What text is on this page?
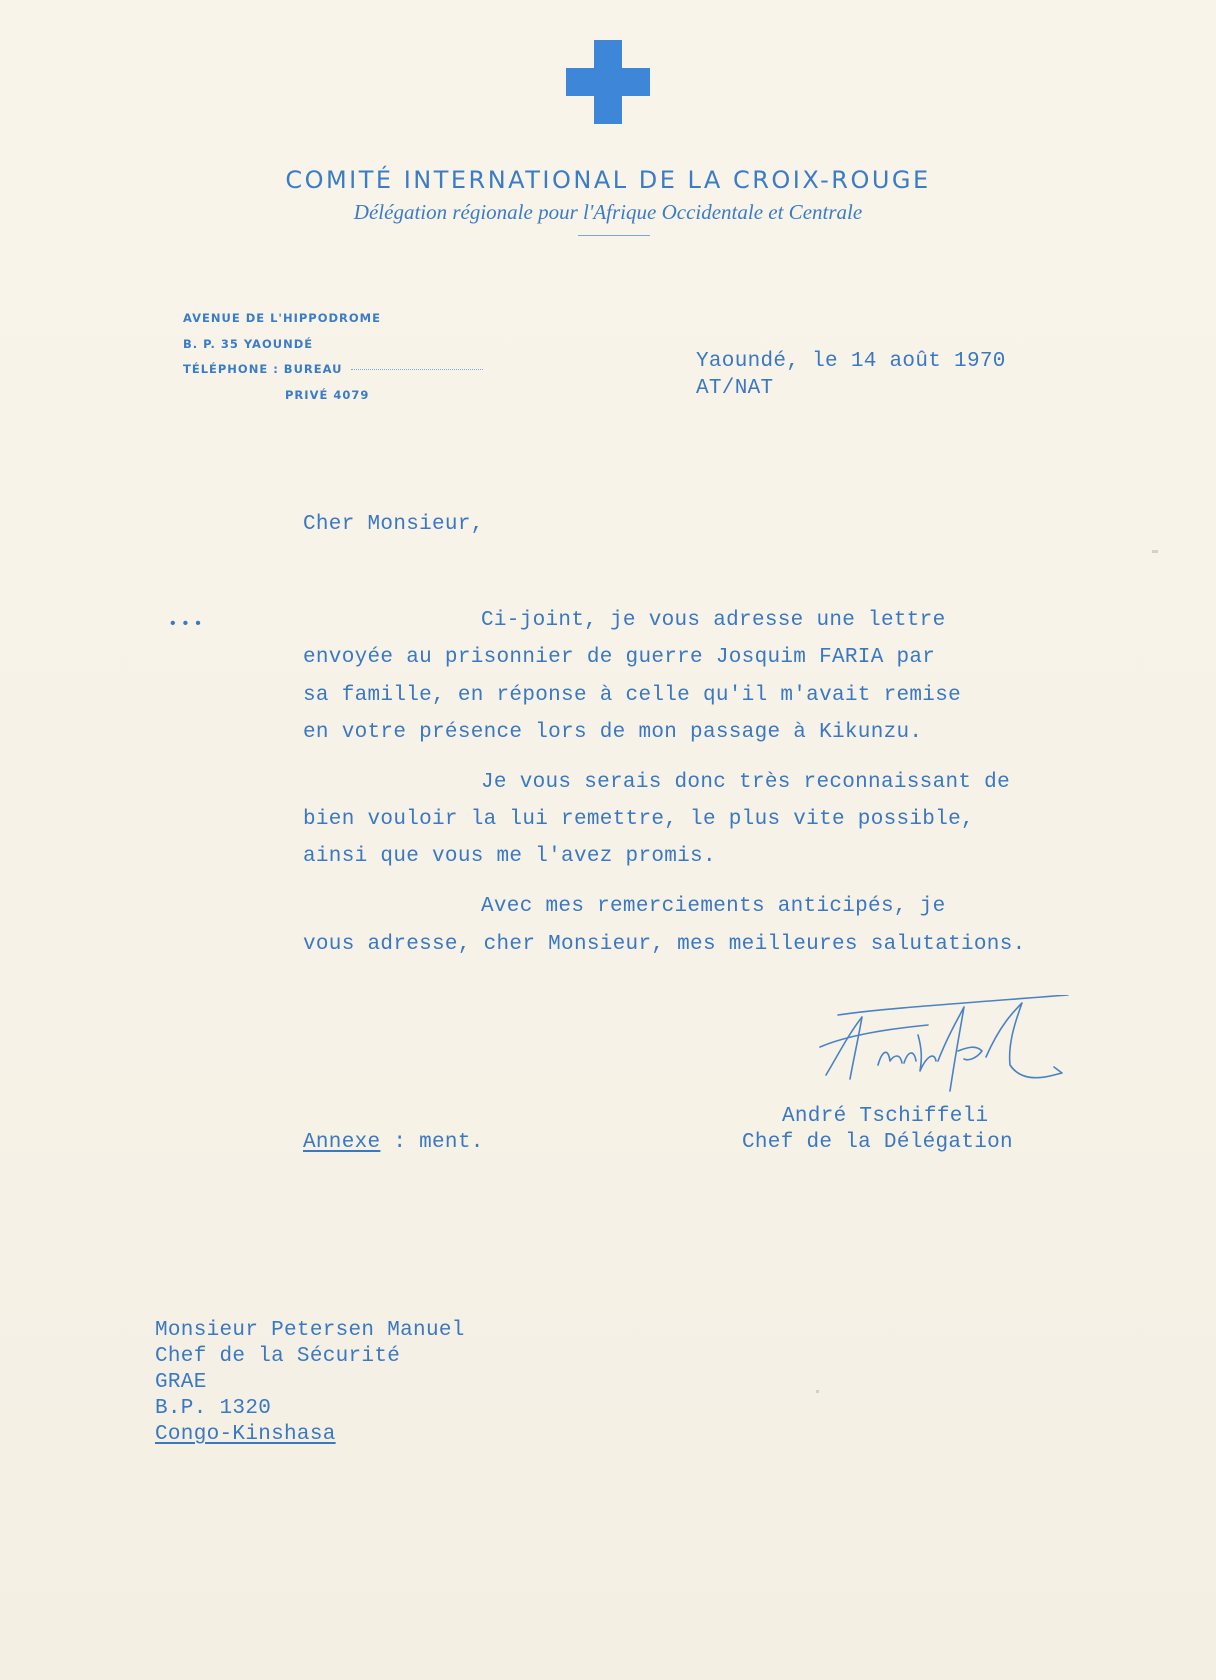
COMITÉ INTERNATIONAL DE LA CROIX-ROUGE
Délégation régionale pour l'Afrique Occidentale et Centrale
AVENUE DE L'HIPPODROME
B. P. 35 YAOUNDÉ
TÉLÉPHONE : BUREAU
PRIVÉ 4079
Yaoundé, le 14 août 1970
AT/NAT
Cher Monsieur,
•••	Ci-joint, je vous adresse une lettre
envoyée au prisonnier de guerre Josquim FARIA par
sa famille, en réponse à celle qu'il m'avait remise
en votre présence lors de mon passage à Kikunzu.
Je vous serais donc très reconnaissant de
bien vouloir la lui remettre, le plus vite possible,
ainsi que vous me l'avez promis.
Avec mes remerciements anticipés, je
vous adresse, cher Monsieur, mes meilleures salutations.
André Tschiffeli
Chef de la Délégation
Annexe : ment.
Monsieur Petersen Manuel
Chef de la Sécurité
GRAE
B.P. 1320
Congo-Kinshasa
